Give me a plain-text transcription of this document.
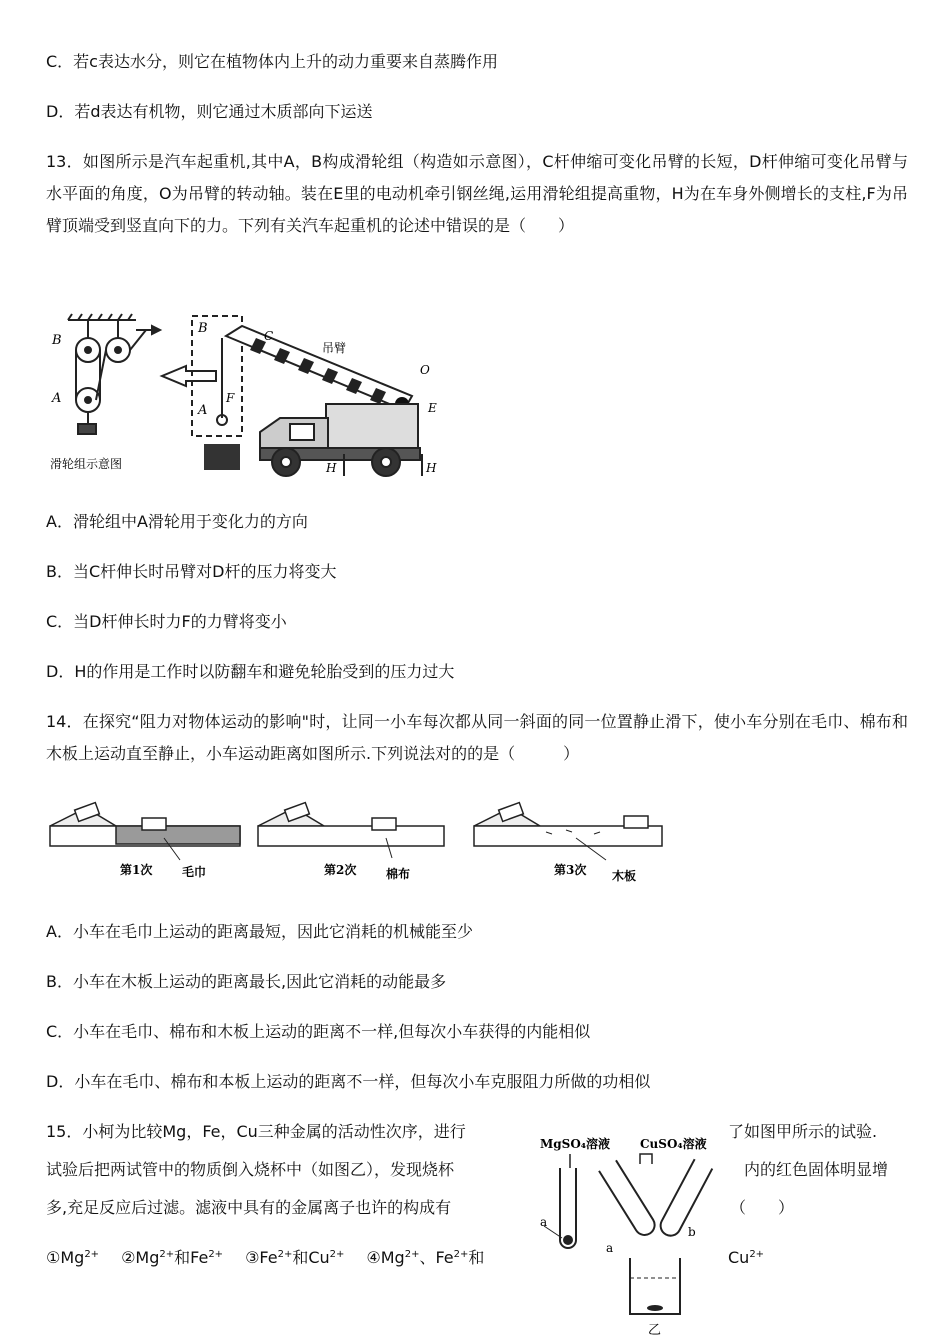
C．若c表达水分，则它在植物体内上升的动力重要来自蒸腾作用
D．若d表达有机物，则它通过木质部向下运送
13．如图所示是汽车起重机,其中A，B构成滑轮组（构造如示意图），C杆伸缩可变化吊臂的长短，D杆伸缩可变化吊臂与水平面的角度，O为吊臂的转动轴。装在E里的电动机牵引钢丝绳,运用滑轮组提高重物，H为在车身外侧增长的支柱,F为吊臂顶端受到竖直向下的力。下列有关汽车起重机的论述中错误的是（　　）
B
A
滑轮组示意图
B
A
F
C
吊臂
O
E
H	H
A．滑轮组中A滑轮用于变化力的方向
B．当C杆伸长时吊臂对D杆的压力将变大
C．当D杆伸长时力F的力臂将变小
D．H的作用是工作时以防翻车和避免轮胎受到的压力过大
14．在探究“阻力对物体运动的影响"时，让同一小车每次都从同一斜面的同一位置静止滑下，使小车分别在毛巾、棉布和木板上运动直至静止，小车运动距离如图所示.下列说法对的的是（　　　）
第1次 毛巾	第2次 棉布	第3次 木板
A．小车在毛巾上运动的距离最短，因此它消耗的机械能至少
B．小车在木板上运动的距离最长,因此它消耗的动能最多
C．小车在毛巾、棉布和木板上运动的距离不一样,但每次小车获得的内能相似
D．小车在毛巾、棉布和本板上运动的距离不一样，但每次小车克服阻力所做的功相似
15．小柯为比较Mg，Fe，Cu三种金属的活动性次序，进行	了如图甲所示的试验.
试验后把两试管中的物质倒入烧杯中（如图乙），发现烧杯	内的红色固体明显增
多,充足反应后过滤。滤液中具有的金属离子也许的构成有	（　　）
$①Mg^{2+}$ $②Mg^{2+}$和$Fe^{2+}$ $③Fe^{2+}$和$Cu^{2+}$ $④Mg^{2+}$、$Fe^{2+}$和	$Cu^{2+}$
MgSO₄溶液 CuSO₄溶液
a
a
b
乙
